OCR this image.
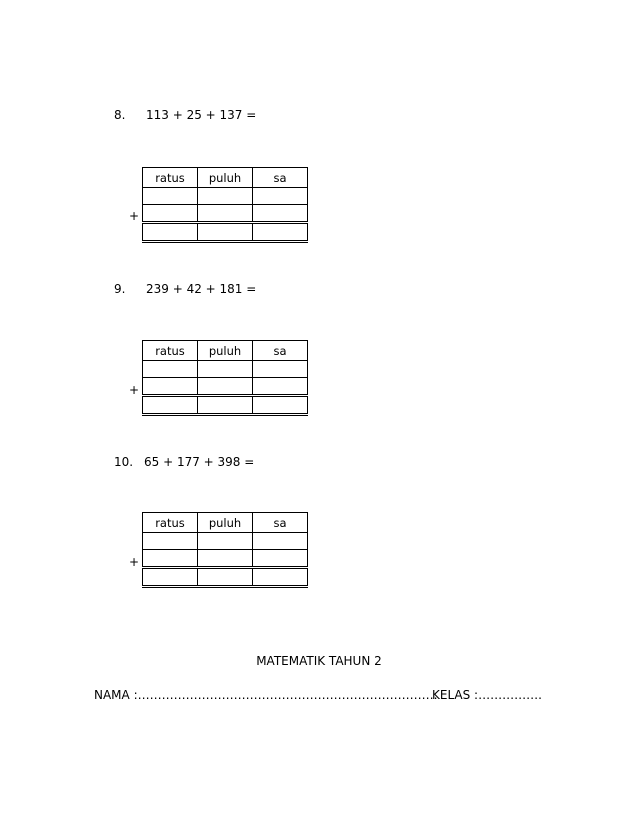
8. 113 + 25 + 137 =
ratus	puluh	sa

+
9. 239 + 42 + 181 =
ratus	puluh	sa

+
10. 65 + 177 + 398 =
ratus	puluh	sa

+
MATEMATIK TAHUN 2
NAMA :…………………………………………………………………
KELAS :…………….
